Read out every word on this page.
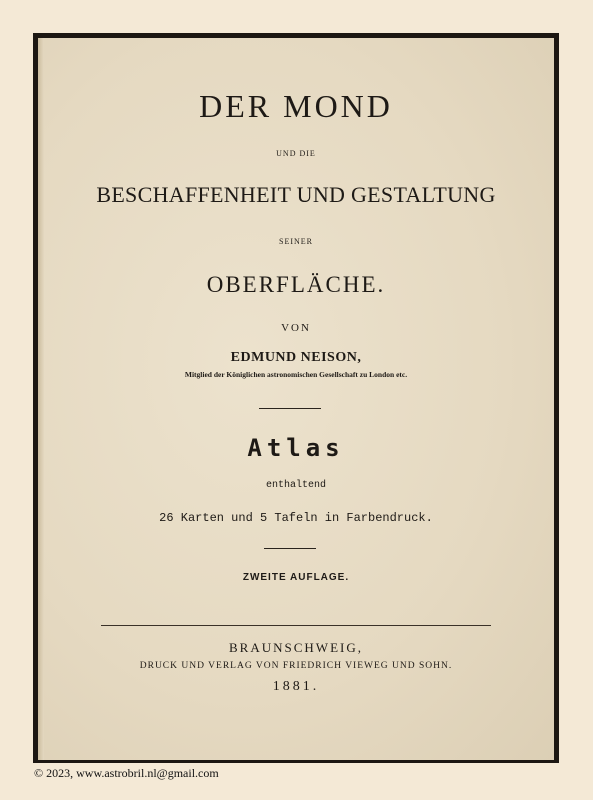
DER MOND
UND DIE
BESCHAFFENHEIT UND GESTALTUNG
SEINER
OBERFLÄCHE.
VON
EDMUND NEISON,
Mitglied der Königlichen astronomischen Gesellschaft zu London etc.
Atlas
enthaltend
26 Karten und 5 Tafeln in Farbendruck.
ZWEITE AUFLAGE.
BRAUNSCHWEIG,
DRUCK UND VERLAG VON FRIEDRICH VIEWEG UND SOHN.
1881.
© 2023, www.astrobril.nl@gmail.com
